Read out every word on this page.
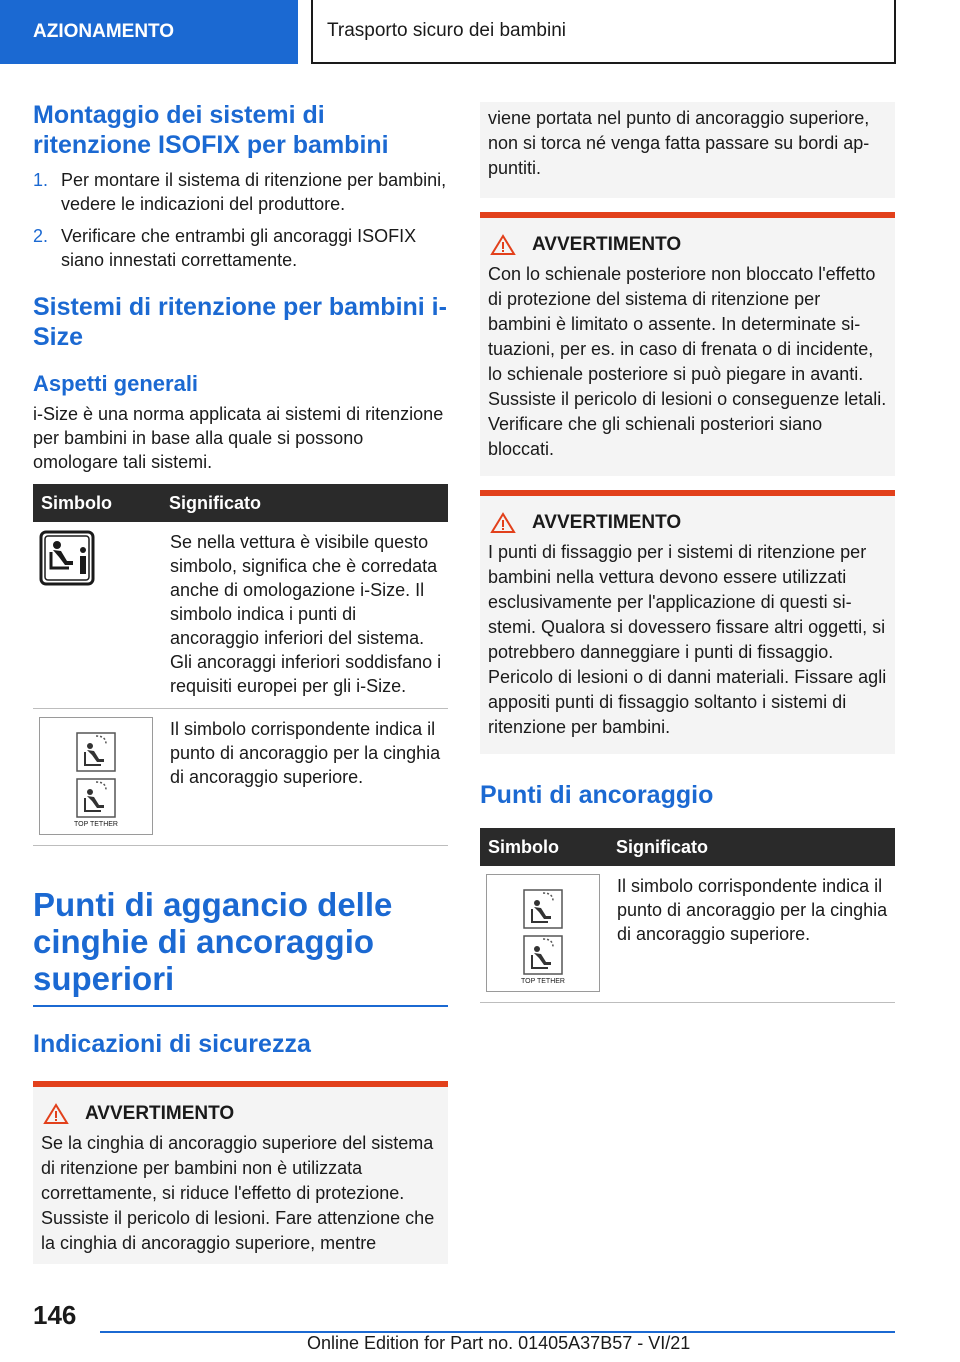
AZIONAMENTO	Trasporto sicuro dei bambini
Montaggio dei sistemi di ritenzione ISOFIX per bambini
1. Per montare il sistema di ritenzione per bambini, vedere le indicazioni del produttore.
2. Verificare che entrambi gli ancoraggi ISOFIX siano innestati correttamente.
Sistemi di ritenzione per bambini i-Size
Aspetti generali

i-Size è una norma applicata ai sistemi di ritenzione per bambini in base alla quale si possono omologare tali sistemi.

Simbolo	Significato
	Se nella vettura è visibile questo simbolo, significa che è corredata anche di omologazione i-Size. Il simbolo indica i punti di ancoraggio inferiori del sistema. Gli ancoraggi inferiori soddisfano i requisiti europei per gli i-Size.

TOP TETHER	Il simbolo corrispondente indica il punto di ancoraggio per la cinghia di ancoraggio superiore.
Punti di aggancio delle cinghie di ancoraggio superiori
Indicazioni di sicurezza
AVVERTIMENTO

Se la cinghia di ancoraggio superiore del sistema di ritenzione per bambini non è utilizzata correttamente, si riduce l'effetto di protezione. Sussiste il pericolo di lesioni. Fare attenzione che la cinghia di ancoraggio superiore, mentre

viene portata nel punto di ancoraggio superiore, non si torca né venga fatta passare su bordi appuntiti.

AVVERTIMENTO

Con lo schienale posteriore non bloccato l'effetto di protezione del sistema di ritenzione per bambini è limitato o assente. In determinate situazioni, per es. in caso di frenata o di incidente, lo schienale posteriore si può piegare in avanti. Sussiste il pericolo di lesioni o conseguenze letali. Verificare che gli schienali posteriori siano bloccati.

AVVERTIMENTO

I punti di fissaggio per i sistemi di ritenzione per bambini nella vettura devono essere utilizzati esclusivamente per l'applicazione di questi sistemi. Qualora si dovessero fissare altri oggetti, si potrebbero danneggiare i punti di fissaggio. Pericolo di lesioni o di danni materiali. Fissare agli appositi punti di fissaggio soltanto i sistemi di ritenzione per bambini.

Punti di ancoraggio
Simbolo	Significato

TOP TETHER	Il simbolo corrispondente indica il punto di ancoraggio per la cinghia di ancoraggio superiore.
146
Online Edition for Part no. 01405A37B57 - VI/21
